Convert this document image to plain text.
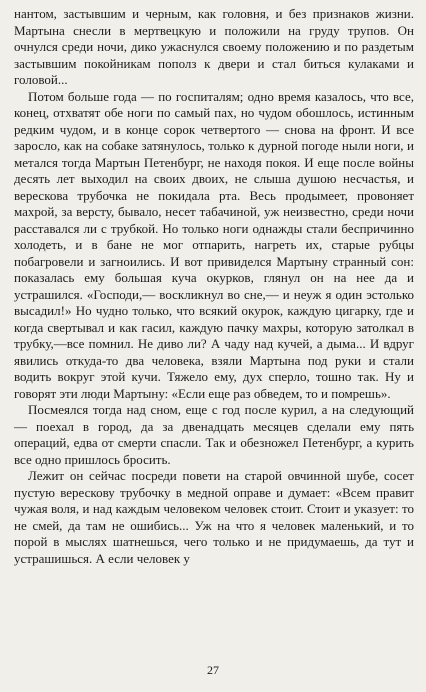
нантом, застывшим и черным, как головня, и без признаков жизни. Мартына снесли в мертвецкую и положили на груду трупов. Он очнулся среди ночи, дико ужаснулся своему положению и по раздетым застывшим покойникам пополз к двери и стал биться кулаками и головой...

Потом больше года — по госпиталям; одно время казалось, что все, конец, отхватят обе ноги по самый пах, но чудом обошлось, истинным редким чудом, и в конце сорок четвертого — снова на фронт. И все заросло, как на собаке затянулось, только к дурной погоде ныли ноги, и метался тогда Мартын Петенбург, не находя покоя. И еще после войны десять лет выходил на своих двоих, не слыша душою несчастья, и верескова трубочка не покидала рта. Весь продымеет, провоняет махрой, за версту, бывало, несет табачиной, уж неизвестно, среди ночи расставался ли с трубкой. Но только ноги однажды стали беспричинно холодеть, и в бане не мог отпарить, нагреть их, старые рубцы побагровели и загноились. И вот привиделся Мартыну странный сон: показалась ему большая куча окурков, глянул он на нее да и устрашился. «Господи,— воскликнул во сне,— и неуж я один эстолько высадил!» Но чудно только, что всякий окурок, каждую цигарку, где и когда свертывал и как гасил, каждую пачку махры, которую затолкал в трубку,—все помнил. Не диво ли? А чаду над кучей, а дыма... И вдруг явились откуда-то два человека, взяли Мартына под руки и стали водить вокруг этой кучи. Тяжело ему, дух сперло, тошно так. Ну и говорят эти люди Мартыну: «Если еще раз обведем, то и помрешь».

Посмеялся тогда над сном, еще с год после курил, а на следующий — поехал в город, да за двенадцать месяцев сделали ему пять операций, едва от смерти спасли. Так и обезножел Петенбург, а курить все одно пришлось бросить.

Лежит он сейчас посреди повети на старой овчинной шубе, сосет пустую верескову трубочку в медной оправе и думает: «Всем правит чужая воля, и над каждым человеком человек стоит. Стоит и указует: то не смей, да там не ошибись... Уж на что я человек маленький, и то порой в мыслях шатнешься, чего только и не придумаешь, да тут и устрашишься. А если человек у

27
